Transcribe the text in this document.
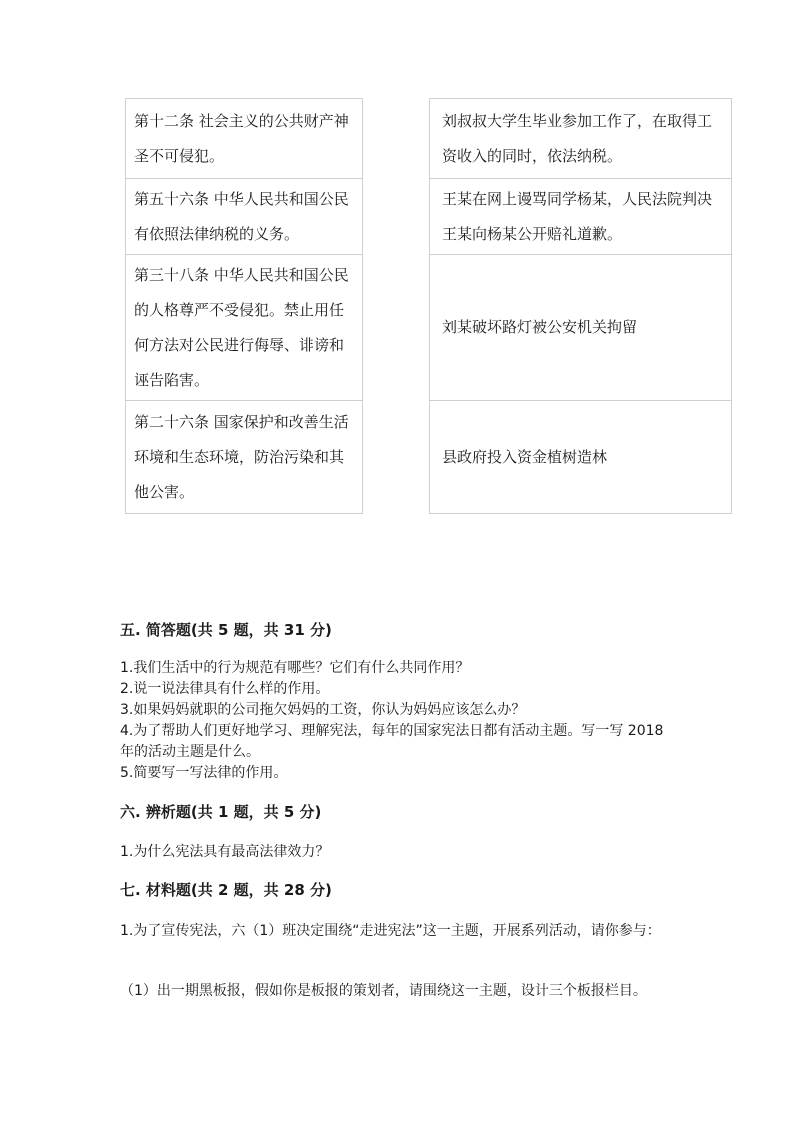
第十二条 社会主义的公共财产神圣不可侵犯。
第五十六条 中华人民共和国公民有依照法律纳税的义务。
第三十八条 中华人民共和国公民的人格尊严不受侵犯。禁止用任何方法对公民进行侮辱、诽谤和诬告陷害。
第二十六条 国家保护和改善生活环境和生态环境，防治污染和其他公害。
刘叔叔大学生毕业参加工作了，在取得工资收入的同时，依法纳税。
王某在网上谩骂同学杨某，人民法院判决王某向杨某公开赔礼道歉。
刘某破坏路灯被公安机关拘留
县政府投入资金植树造林
五. 简答题(共 5 题，共 31 分)
1.我们生活中的行为规范有哪些？它们有什么共同作用？
2.说一说法律具有什么样的作用。
3.如果妈妈就职的公司拖欠妈妈的工资，你认为妈妈应该怎么办？
4.为了帮助人们更好地学习、理解宪法，每年的国家宪法日都有活动主题。写一写 2018 年的活动主题是什么。
5.简要写一写法律的作用。
六. 辨析题(共 1 题，共 5 分)
1.为什么宪法具有最高法律效力？
七. 材料题(共 2 题，共 28 分)
1.为了宣传宪法，六（1）班决定围绕“走进宪法”这一主题，开展系列活动，请你参与：
（1）出一期黑板报，假如你是板报的策划者，请围绕这一主题，设计三个板报栏目。
